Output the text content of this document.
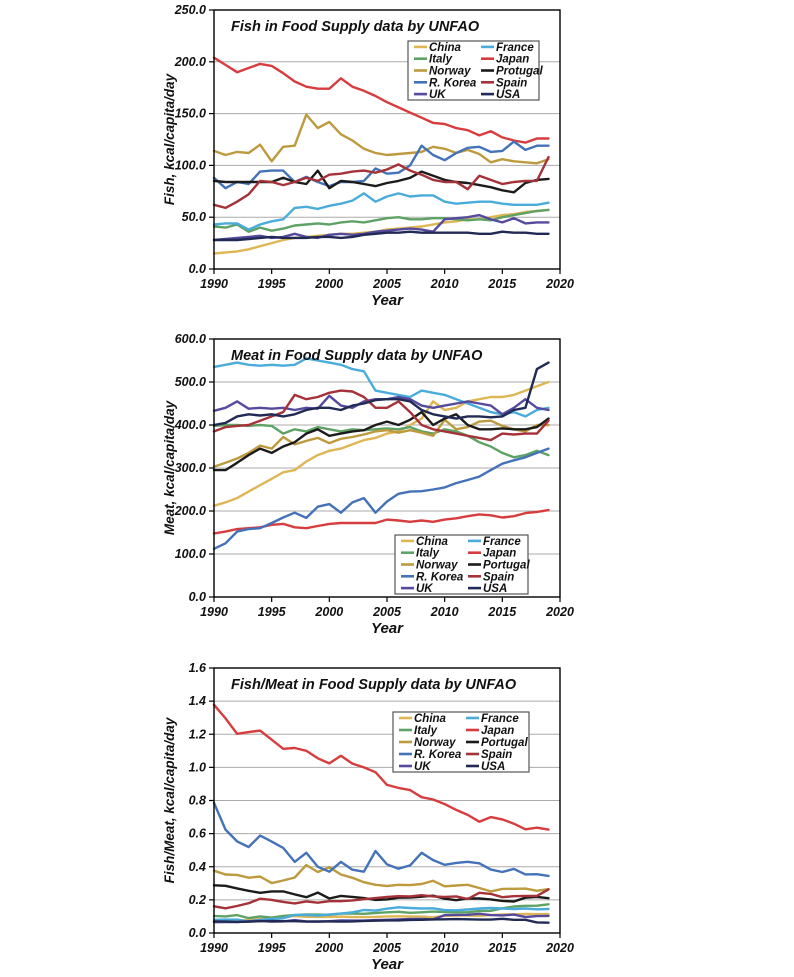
0.0
50.0
100.0
150.0
200.0
250.0
1990 1995 2000 2005 2010 2015 2020
Year
Fish, kcal/capita/day
Fish in Food Supply data by UNFAO
China
Italy
Norway
R. Korea
UK
France
Japan
Protugal
Spain
USA
0.0
100.0
200.0
300.0
400.0
500.0
600.0
1990 1995 2000 2005 2010 2015 2020
Year
Meat, kcal/capita/day
Meat in Food Supply data by UNFAO
China
Italy
Norway
R. Korea
UK
France
Japan
Portugal
Spain
USA
0.0
0.2
0.4
0.6
0.8
1.0
1.2
1.4
1.6
1990 1995 2000 2005 2010 2015 2020
Year
Fish/Meat, kcal/capita/day
Fish/Meat in Food Supply data by UNFAO
China
Italy
Norway
R. Korea
UK
France
Japan
Portugal
Spain
USA
